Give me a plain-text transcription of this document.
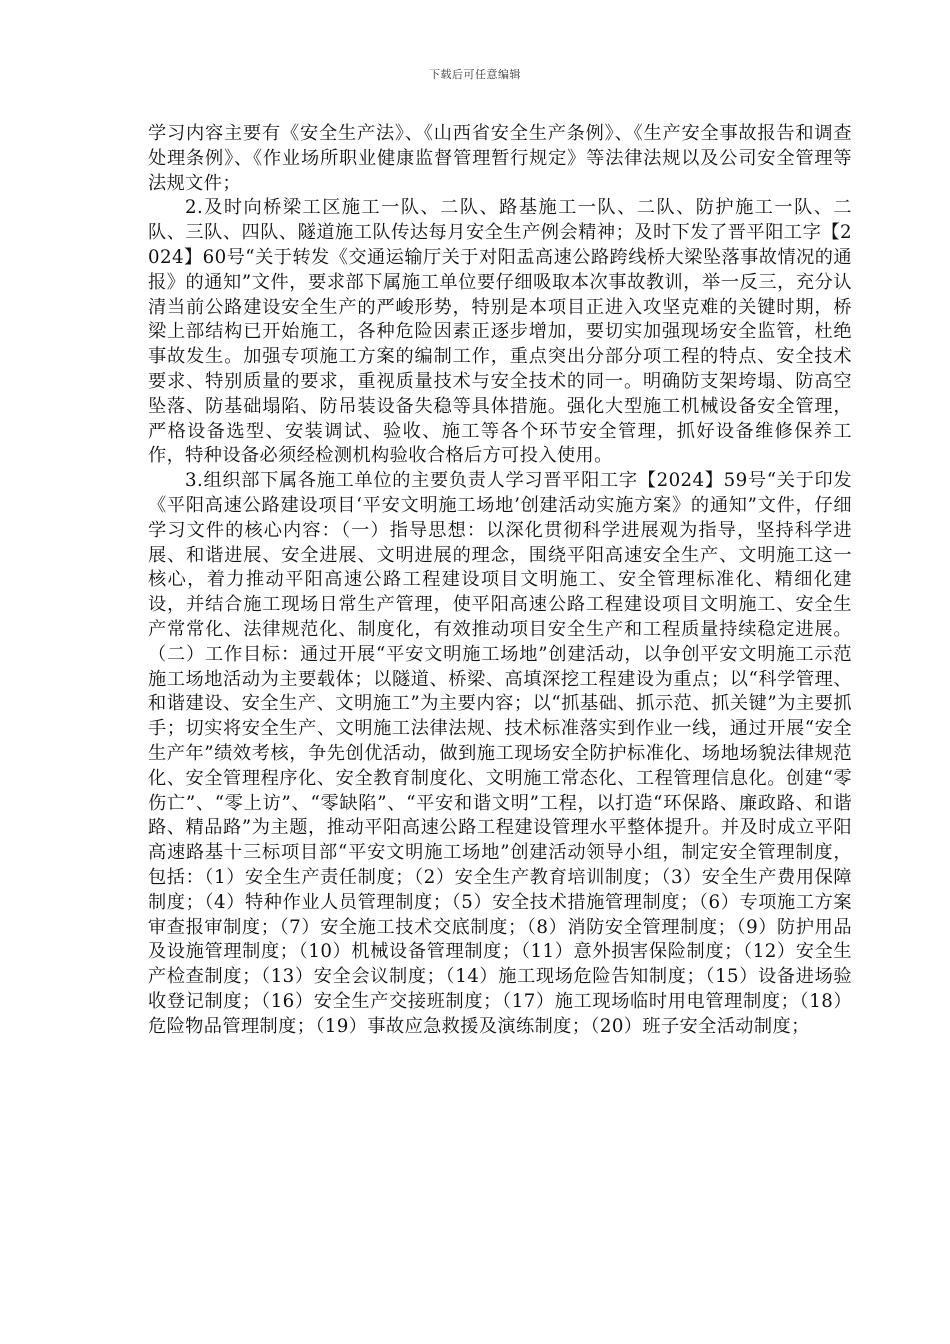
下载后可任意编辑

学习内容主要有《安全生产法》、《山西省安全生产条例》、《生产安全事故报告和调查处理条例》、《作业场所职业健康监督管理暂行规定》等法律法规以及公司安全管理等法规文件；

2.及时向桥梁工区施工一队、二队、路基施工一队、二队、防护施工一队、二队、三队、四队、隧道施工队传达每月安全生产例会精神；及时下发了晋平阳工字【2024】60号“关于转发《交通运输厅关于对阳盂高速公路跨线桥大梁坠落事故情况的通报》的通知”文件，要求部下属施工单位要仔细吸取本次事故教训，举一反三，充分认清当前公路建设安全生产的严峻形势，特别是本项目正进入攻坚克难的关键时期，桥梁上部结构已开始施工，各种危险因素正逐步增加，要切实加强现场安全监管，杜绝事故发生。加强专项施工方案的编制工作，重点突出分部分项工程的特点、安全技术要求、特别质量的要求，重视质量技术与安全技术的同一。明确防支架垮塌、防高空坠落、防基础塌陷、防吊装设备失稳等具体措施。强化大型施工机械设备安全管理，严格设备选型、安装调试、验收、施工等各个环节安全管理，抓好设备维修保养工作，特种设备必须经检测机构验收合格后方可投入使用。

3.组织部下属各施工单位的主要负责人学习晋平阳工字【2024】59号“关于印发《平阳高速公路建设项目‘平安文明施工场地’创建活动实施方案》的通知”文件，仔细学习文件的核心内容：（一）指导思想：以深化贯彻科学进展观为指导，坚持科学进展、和谐进展、安全进展、文明进展的理念，围绕平阳高速安全生产、文明施工这一核心，着力推动平阳高速公路工程建设项目文明施工、安全管理标准化、精细化建设，并结合施工现场日常生产管理，使平阳高速公路工程建设项目文明施工、安全生产常常化、法律规范化、制度化，有效推动项目安全生产和工程质量持续稳定进展。（二）工作目标：通过开展“平安文明施工场地”创建活动，以争创平安文明施工示范施工场地活动为主要载体；以隧道、桥梁、高填深挖工程建设为重点；以“科学管理、和谐建设、安全生产、文明施工”为主要内容；以“抓基础、抓示范、抓关键”为主要抓手；切实将安全生产、文明施工法律法规、技术标准落实到作业一线，通过开展“安全生产年”绩效考核，争先创优活动，做到施工现场安全防护标准化、场地场貌法律规范化、安全管理程序化、安全教育制度化、文明施工常态化、工程管理信息化。创建“零伤亡”、“零上访”、“零缺陷”、“平安和谐文明”工程，以打造“环保路、廉政路、和谐路、精品路”为主题，推动平阳高速公路工程建设管理水平整体提升。并及时成立平阳高速路基十三标项目部“平安文明施工场地”创建活动领导小组，制定安全管理制度，包括：（1）安全生产责任制度；（2）安全生产教育培训制度；（3）安全生产费用保障制度；（4）特种作业人员管理制度；（5）安全技术措施管理制度；（6）专项施工方案审查报审制度；（7）安全施工技术交底制度；（8）消防安全管理制度；（9）防护用品及设施管理制度；（10）机械设备管理制度；（11）意外损害保险制度；（12）安全生产检查制度；（13）安全会议制度；（14）施工现场危险告知制度；（15）设备进场验收登记制度；（16）安全生产交接班制度；（17）施工现场临时用电管理制度；（18）危险物品管理制度；（19）事故应急救援及演练制度；（20）班子安全活动制度；
